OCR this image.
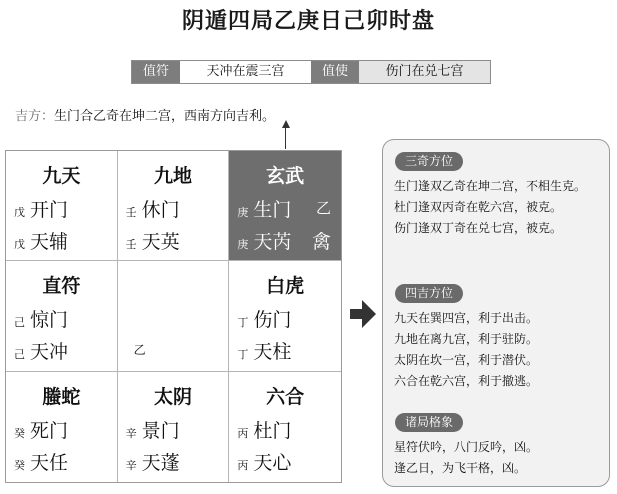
阴遁四局乙庚日己卯时盘
值符	天冲在震三宫	值使	伤门在兑七宫
吉方：生门合乙奇在坤二宫，西南方向吉利。
九天
戊 开门
戊 天辅
九地
壬 休门
壬 天英
玄武
庚 生门
庚 天芮
乙
禽
直符
己 惊门
己 天冲	乙
白虎
丁 伤门
丁 天柱
螣蛇
癸 死门
癸 天任
太阴
辛 景门
辛 天蓬
六合
丙 杜门
丙 天心
三奇方位
生门逢双乙奇在坤二宫，不相生克。
杜门逢双丙奇在乾六宫，被克。
伤门逢双丁奇在兑七宫，被克。
四吉方位
九天在巽四宫，利于出击。
九地在离九宫，利于驻防。
太阴在坎一宫，利于潜伏。
六合在乾六宫，利于撤逃。
诸局格象
星符伏吟，八门反吟，凶。
逢乙日，为飞干格，凶。
